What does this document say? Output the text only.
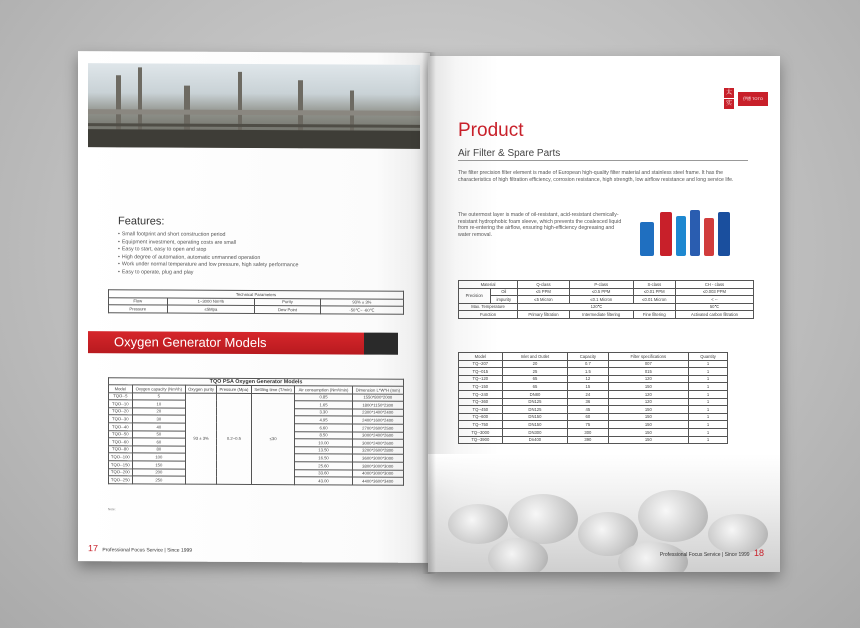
Features:
• Small footprint and short construction period
• Equipment investment, operating costs are small
• Easy to start, easy to open and stop
• High degree of automation, automatic unmanned operation
• Work under normal temperature and low pressure, high safety performance
• Easy to operate, plug and play
Technical Parameters			
Flow	1~3000 Nm³/h	Purity	93% ± 3%
Pressure	≤5Mpa	Dew Point	-50℃~ -60℃
Oxygen Generator Models
TQO PSA Oxygen Generator Models
Model	Oxygen capacity (Nm³/h)	Oxygen purity	Pressure (Mpa)	Settling time (T/min)	Air consumption (Nm³/min)	Dimension L*W*H (mm)
TQO--5	5	93 ± 3%	0.2~0.5	≤30	0.85	1550*800*2000
TQO--10	10				1.65	1800*1150*2300
TQO--20	20				3.30	2300*1400*2400
TQO--30	30				4.95	2400*1600*2400
TQO--40	40				6.60	2700*2600*2500
TQO--50	50				8.50	3000*2400*2600
TQO--60	60				10.00	3000*2400*2600
TQO--80	80				13.50	3200*2600*2800
TQO--100	100				16.50	3600*3000*3000
TQO--150	150				25.60	3800*3000*3000
TQO--200	200				33.60	4000*3000*3000
TQO--250	250				43.00	4400*3600*3400
Note:
17 Professional Focus Service | Since 1999
太
实
伊德 TOTO
Product
Air Filter & Spare Parts
The filter precision filter element is made of European high-quality filter material and stainless steel frame. It has the characteristics of high filtration efficiency, corrosion resistance, high strength, low airflow resistance and long service life.
The outermost layer is made of oil-resistant, acid-resistant chemically-resistant hydrophobic foam sleeve, which prevents the coalesced liquid from re-entering the airflow, ensuring high-efficiency degreasing and water removal.
Material		Q-class	P-class	S-class	CH - class
Precision	Oil	≤5 PPM	≤0.5 PPM	≤0.01 PPM	≤0.003 PPM
	impurity	≤5 Micron	≤0.1 Micron	≤0.01 Micron	< --
Max. Temperature		120℃			50℃
Function		Primary filtration	Intermediate filtering	Fine filtering	Activated carbon filtration
Model	Inlet and Outlet	Capacity	Filter specifications	Quantity
TQ--207	20	0.7	007	1
TQ--015	25	1.5	015	1
TQ--120	65	12	120	1
TQ--150	65	15	150	1
TQ--240	DN80	24	120	1
TQ--360	DN125	36	120	1
TQ--450	DN125	45	150	1
TQ--600	DN150	60	150	1
TQ--750	DN150	75	150	1
TQ--3000	DN300	300	150	1
TQ--3900	Dn400	390	150	1
Professional Focus Service | Since 1999 18
